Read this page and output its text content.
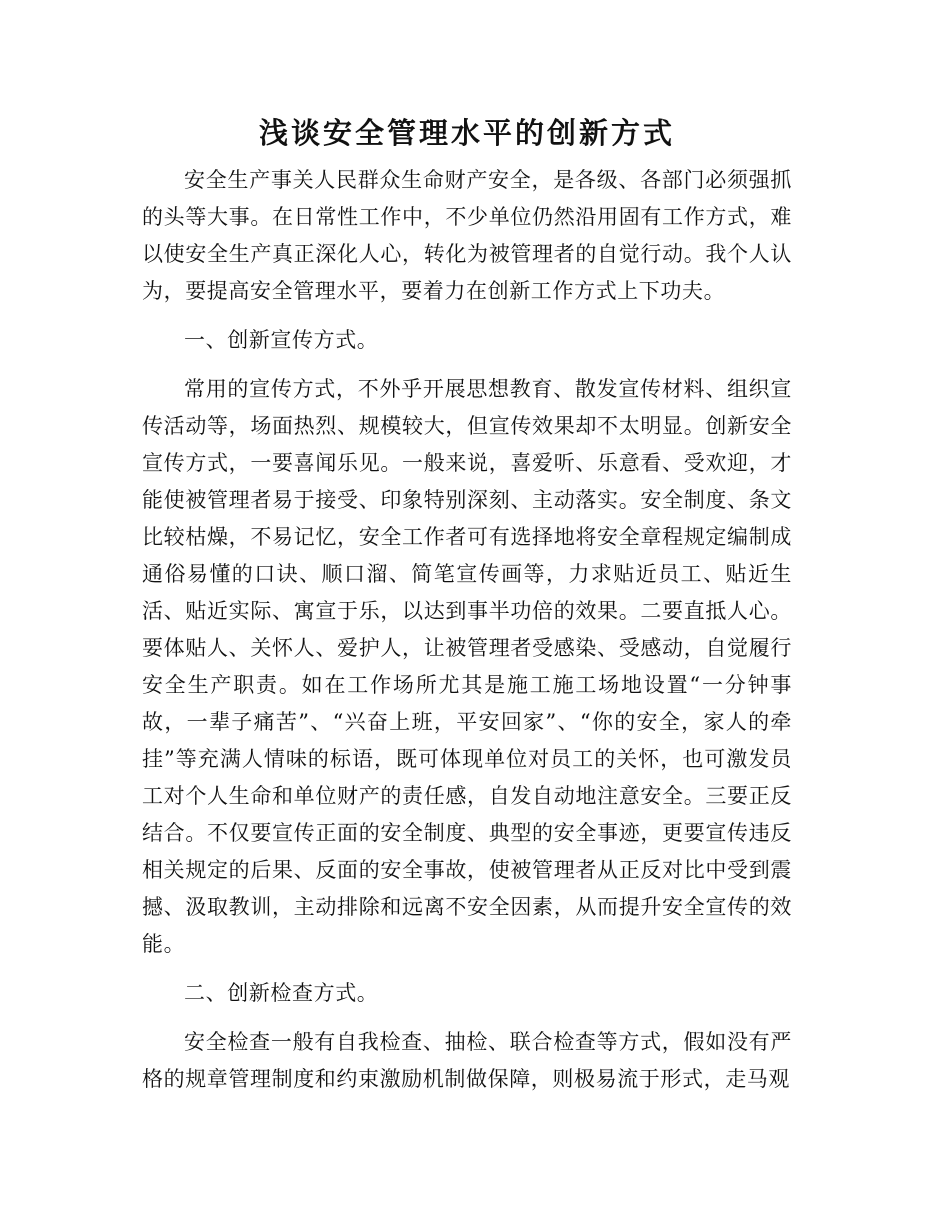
浅谈安全管理水平的创新方式

安全生产事关人民群众生命财产安全，是各级、各部门必须强抓的头等大事。在日常性工作中，不少单位仍然沿用固有工作方式，难以使安全生产真正深化人心，转化为被管理者的自觉行动。我个人认为，要提高安全管理水平，要着力在创新工作方式上下功夫。

一、创新宣传方式。

常用的宣传方式，不外乎开展思想教育、散发宣传材料、组织宣传活动等，场面热烈、规模较大，但宣传效果却不太明显。创新安全宣传方式，一要喜闻乐见。一般来说，喜爱听、乐意看、受欢迎，才能使被管理者易于接受、印象特别深刻、主动落实。安全制度、条文比较枯燥，不易记忆，安全工作者可有选择地将安全章程规定编制成通俗易懂的口诀、顺口溜、简笔宣传画等，力求贴近员工、贴近生活、贴近实际、寓宣于乐，以达到事半功倍的效果。二要直抵人心。要体贴人、关怀人、爱护人，让被管理者受感染、受感动，自觉履行安全生产职责。如在工作场所尤其是施工施工场地设置“一分钟事故，一辈子痛苦”、“兴奋上班，平安回家”、“你的安全，家人的牵挂”等充满人情味的标语，既可体现单位对员工的关怀，也可激发员工对个人生命和单位财产的责任感，自发自动地注意安全。三要正反结合。不仅要宣传正面的安全制度、典型的安全事迹，更要宣传违反相关规定的后果、反面的安全事故，使被管理者从正反对比中受到震撼、汲取教训，主动排除和远离不安全因素，从而提升安全宣传的效能。

二、创新检查方式。

安全检查一般有自我检查、抽检、联合检查等方式，假如没有严格的规章管理制度和约束激励机制做保障，则极易流于形式，走马观
